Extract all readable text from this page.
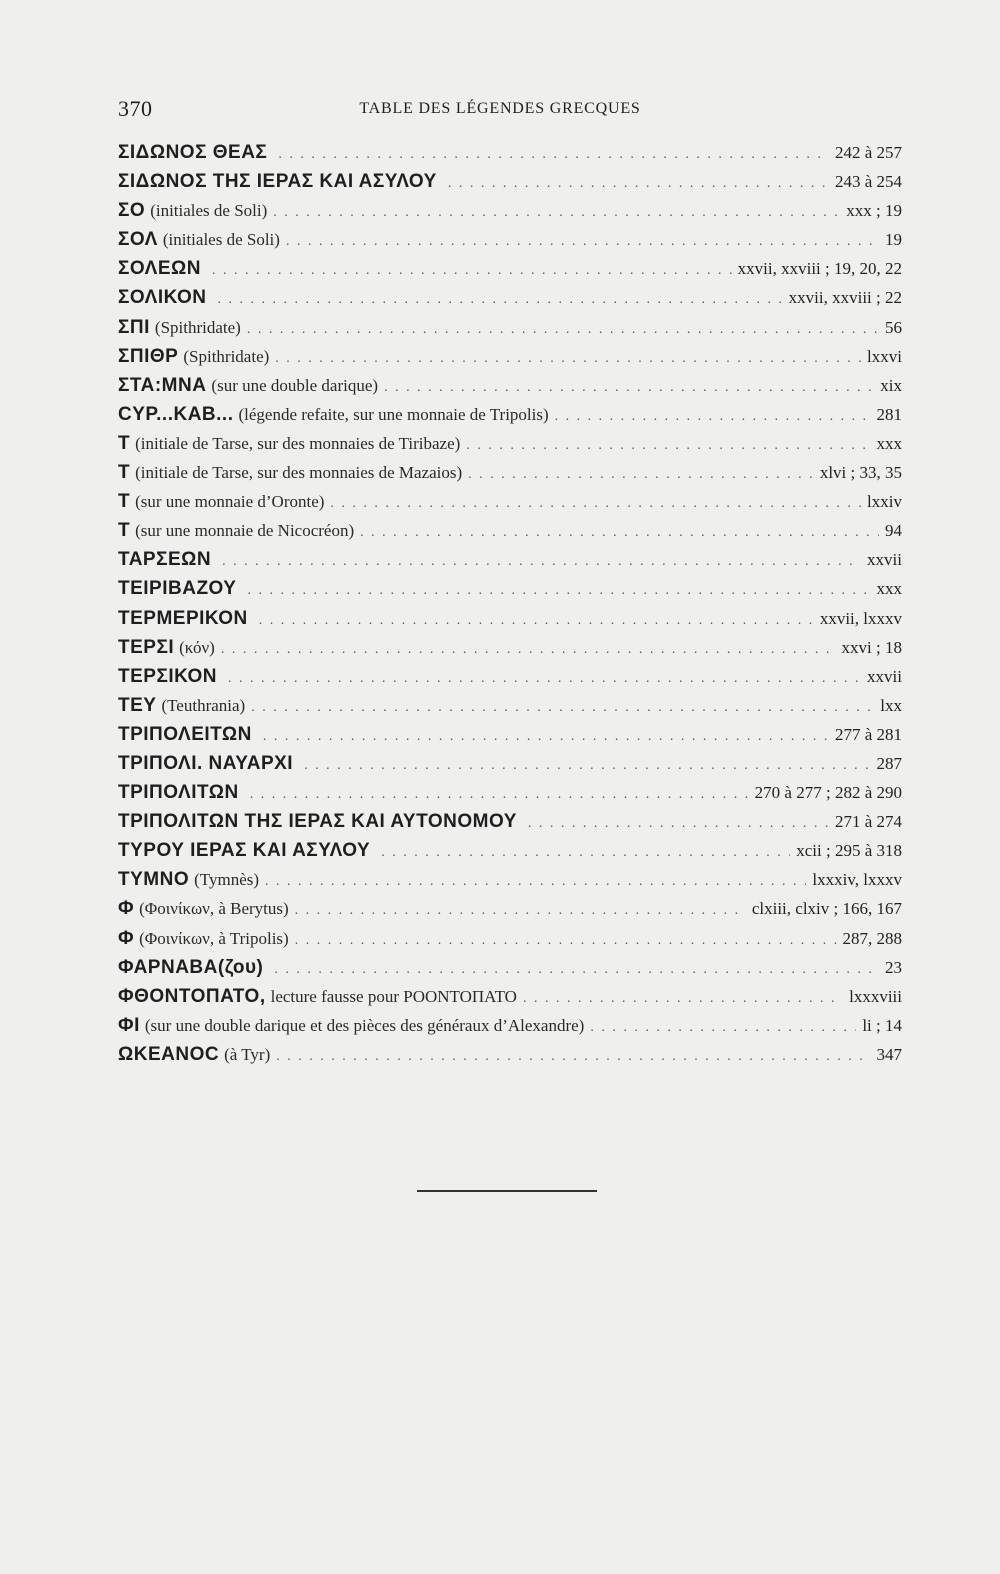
370	TABLE DES LÉGENDES GRECQUES
ΣΙΔΩΝΟΣ ΘΕΑΣ . . .	242 à 257
ΣΙΔΩΝΟΣ ΤΗΣ ΙΕΡΑΣ ΚΑΙ ΑΣΥΛΟΥ . . .	243 à 254
ΣΟ (initiales de Soli) . . .	xxx ; 19
ΣΟΛ (initiales de Soli) . . .	19
ΣΟΛΕΩΝ . . .	xxvii, xxviii ; 19, 20, 22
ΣΟΛΙΚΟΝ . . .	xxvii, xxviii ; 22
ΣΠΙ (Spithridate) . . .	56
ΣΠΙΘΡ (Spithridate) . . .	lxxvi
ΣΤΑ:ΜΝΑ (sur une double darique) . . .	xix
CΥΡ...ΚΑΒ... (légende refaite, sur une monnaie de Tripolis) . . .	281
Τ (initiale de Tarse, sur des monnaies de Tiribaze) . . .	xxx
Τ (initiale de Tarse, sur des monnaies de Mazaios) . . .	xlvi ; 33, 35
Τ (sur une monnaie d’Oronte) . . .	lxxiv
Τ (sur une monnaie de Nicocréon) . . .	94
ΤΑΡΣΕΩΝ . . .	xxvii
ΤΕΙΡΙΒΑΖΟΥ . . .	xxx
ΤΕΡΜΕΡΙΚΟΝ . . .	xxvii, lxxxv
ΤΕΡΣΙ (κόν) . . .	xxvi ; 18
ΤΕΡΣΙΚΟΝ . . .	xxvii
ΤΕΥ (Teuthrania) . . .	lxx
ΤΡΙΠΟΛΕΙΤΩΝ . . .	277 à 281
ΤΡΙΠΟΛΙ. ΝΑΥΑΡΧΙ . . .	287
ΤΡΙΠΟΛΙΤΩΝ . . .	270 à 277 ; 282 à 290
ΤΡΙΠΟΛΙΤΩΝ ΤΗΣ ΙΕΡΑΣ ΚΑΙ ΑΥΤΟΝΟΜΟΥ . . .	271 à 274
ΤΥΡΟΥ ΙΕΡΑΣ ΚΑΙ ΑΣΥΛΟΥ . . .	xcii ; 295 à 318
ΤΥΜΝΟ (Tymnès) . . .	lxxxiv, lxxxv
Φ (Φοινίκων, à Berytus) . . .	clxiii, clxiv ; 166, 167
Φ (Φοινίκων, à Tripolis) . . .	287, 288
ΦΑΡΝΑΒΑ(ζου) . . .	23
ΦΘΟΝΤΟΠΑΤΟ, lecture fausse pour ΡΟΟΝΤΟΠΑΤΟ . . .	lxxxviii
ΦΙ (sur une double darique et des pièces des généraux d’Alexandre) . . .	li ; 14
ΩΚΕΑΝΟC (à Tyr) . . .	347
